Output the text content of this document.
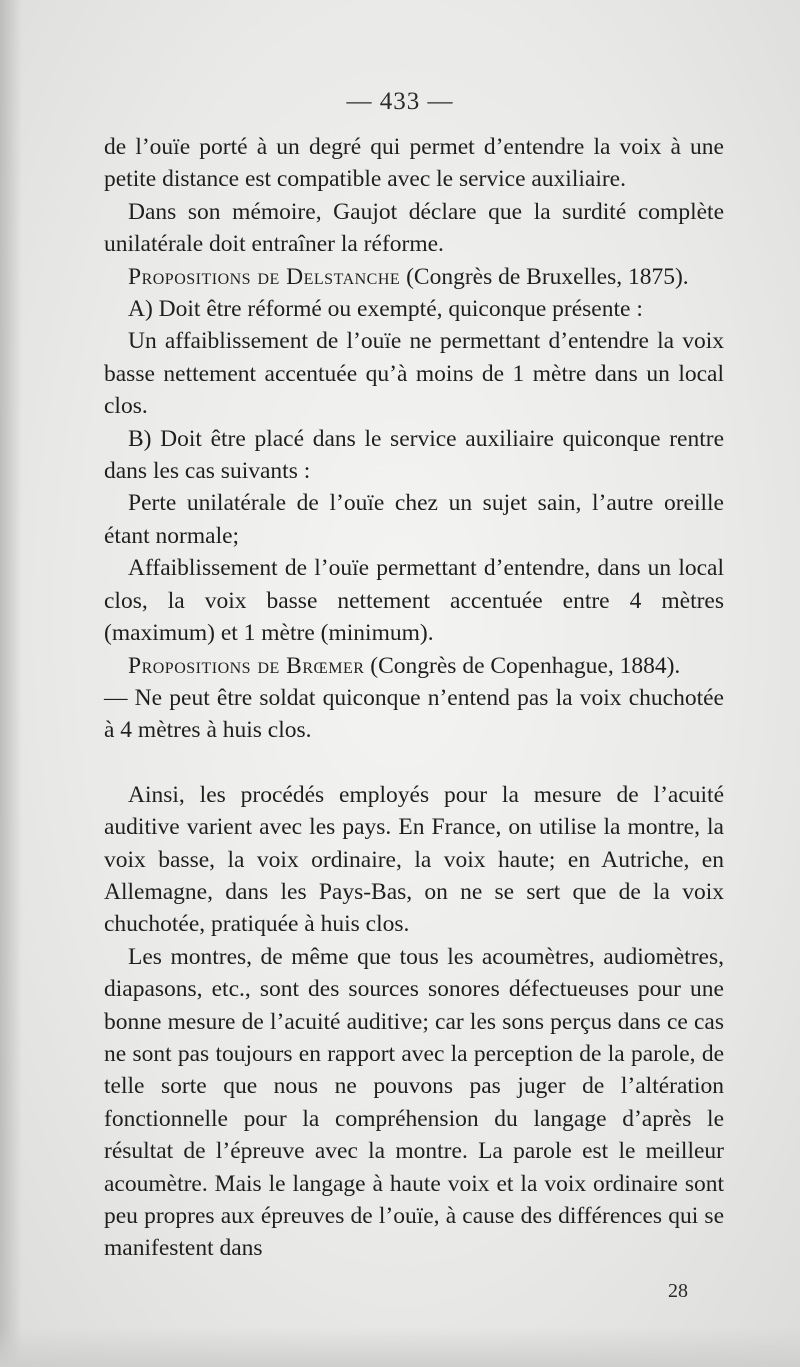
— 433 —

de l’ouïe porté à un degré qui permet d’entendre la voix à une petite distance est compatible avec le service auxiliaire.

Dans son mémoire, Gaujot déclare que la surdité complète unilatérale doit entraîner la réforme.

Propositions de Delstanche (Congrès de Bruxelles, 1875).

A) Doit être réformé ou exempté, quiconque présente :

Un affaiblissement de l’ouïe ne permettant d’entendre la voix basse nettement accentuée qu’à moins de 1 mètre dans un local clos.

B) Doit être placé dans le service auxiliaire quiconque rentre dans les cas suivants :

Perte unilatérale de l’ouïe chez un sujet sain, l’autre oreille étant normale;

Affaiblissement de l’ouïe permettant d’entendre, dans un local clos, la voix basse nettement accentuée entre 4 mètres (maximum) et 1 mètre (minimum).

Propositions de Brœmer (Congrès de Copenhague, 1884).

— Ne peut être soldat quiconque n’entend pas la voix chuchotée à 4 mètres à huis clos.

Ainsi, les procédés employés pour la mesure de l’acuité auditive varient avec les pays. En France, on utilise la montre, la voix basse, la voix ordinaire, la voix haute; en Autriche, en Allemagne, dans les Pays-Bas, on ne se sert que de la voix chuchotée, pratiquée à huis clos.

Les montres, de même que tous les acoumètres, audiomètres, diapasons, etc., sont des sources sonores défectueuses pour une bonne mesure de l’acuité auditive; car les sons perçus dans ce cas ne sont pas toujours en rapport avec la perception de la parole, de telle sorte que nous ne pouvons pas juger de l’altération fonctionnelle pour la compréhension du langage d’après le résultat de l’épreuve avec la montre. La parole est le meilleur acoumètre. Mais le langage à haute voix et la voix ordinaire sont peu propres aux épreuves de l’ouïe, à cause des différences qui se manifestent dans

28
